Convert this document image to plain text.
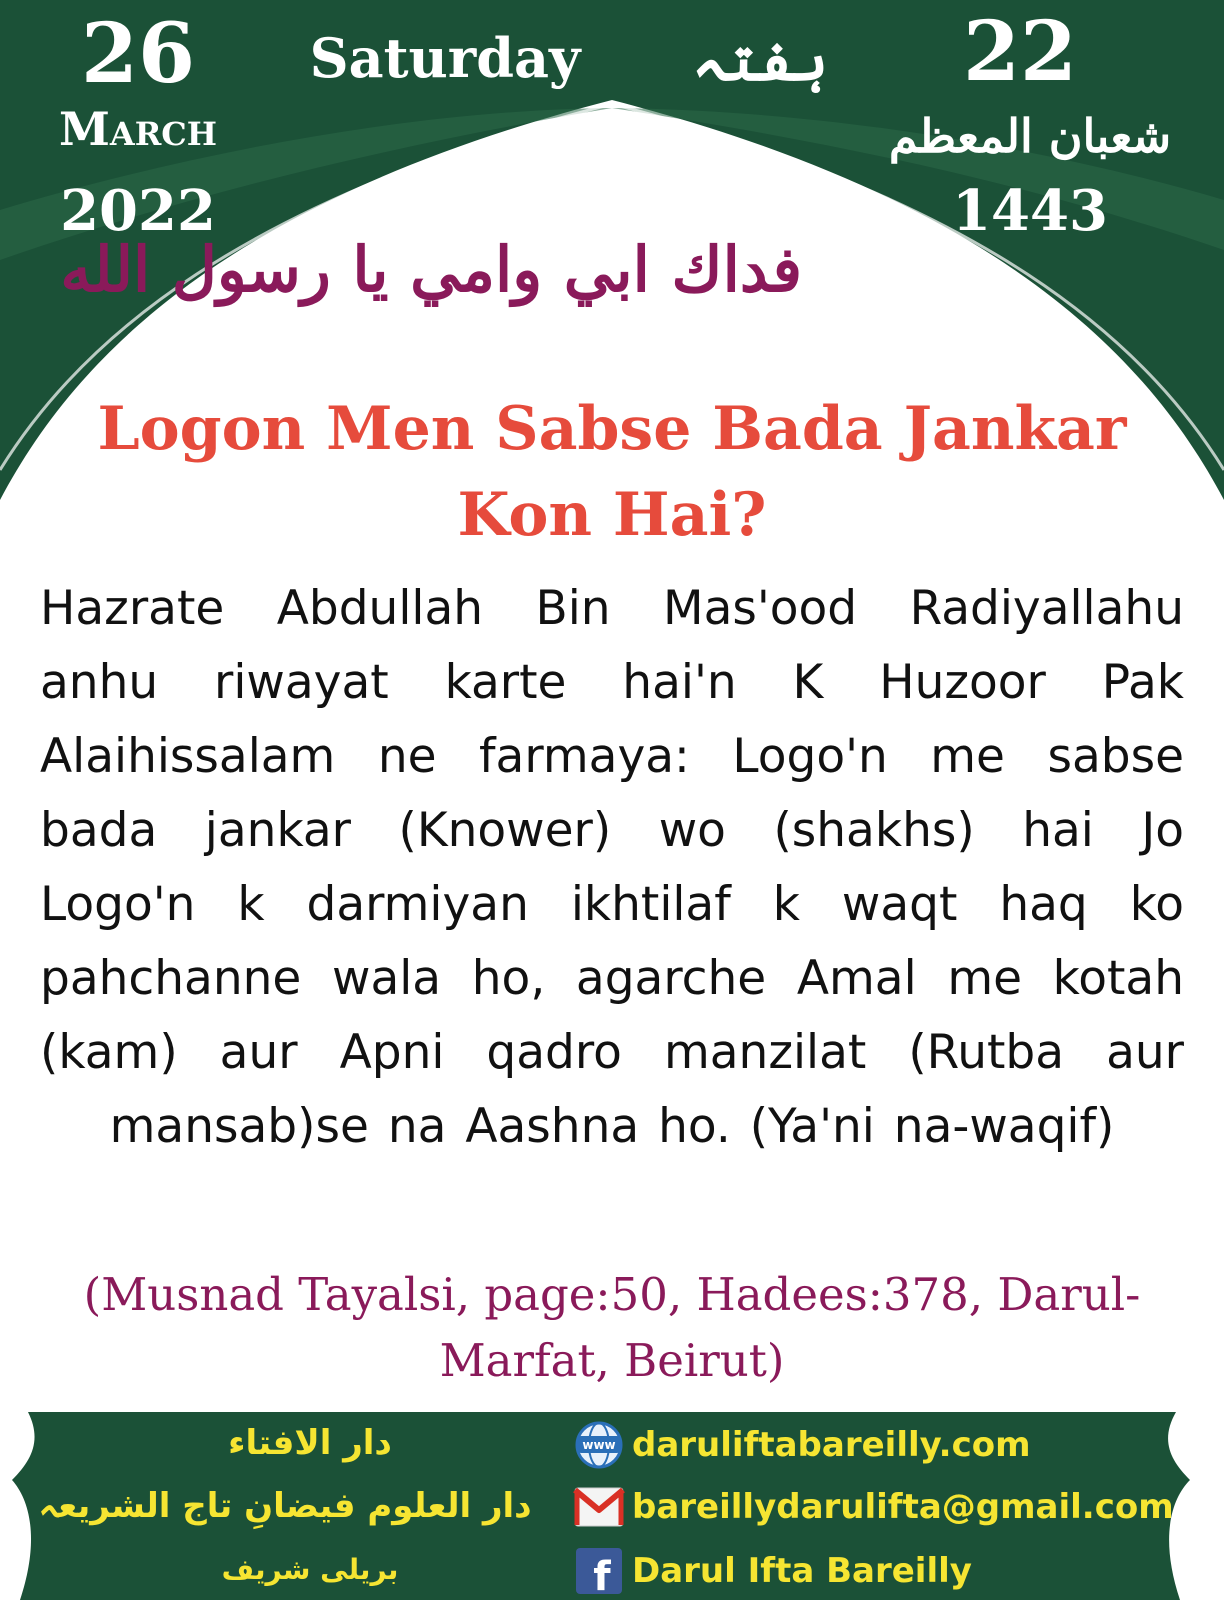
26
March
2022
Saturday	ہفتہ	22
شعبان المعظم
1443
فداك ابي وامي يا رسول الله
Logon Men Sabse Bada Jankar Kon Hai?
Hazrate Abdullah Bin Mas'ood Radiyallahu anhu riwayat karte hai'n K Huzoor Pak Alaihissalam ne farmaya: Logo'n me sabse bada jankar (Knower) wo (shakhs) hai Jo Logo'n k darmiyan ikhtilaf k waqt haq ko pahchanne wala ho, agarche Amal me kotah (kam) aur Apni qadro manzilat (Rutba aur mansab)se na Aashna ho. (Ya'ni na-waqif)
(Musnad Tayalsi, page:50, Hadees:378, Darul-Marfat, Beirut)
دار الافتاء
دار العلوم فیضانِ تاج الشریعہ
بریلی شریف
www daruliftabareilly.com
bareillydarulifta@gmail.com
f Darul Ifta Bareilly
